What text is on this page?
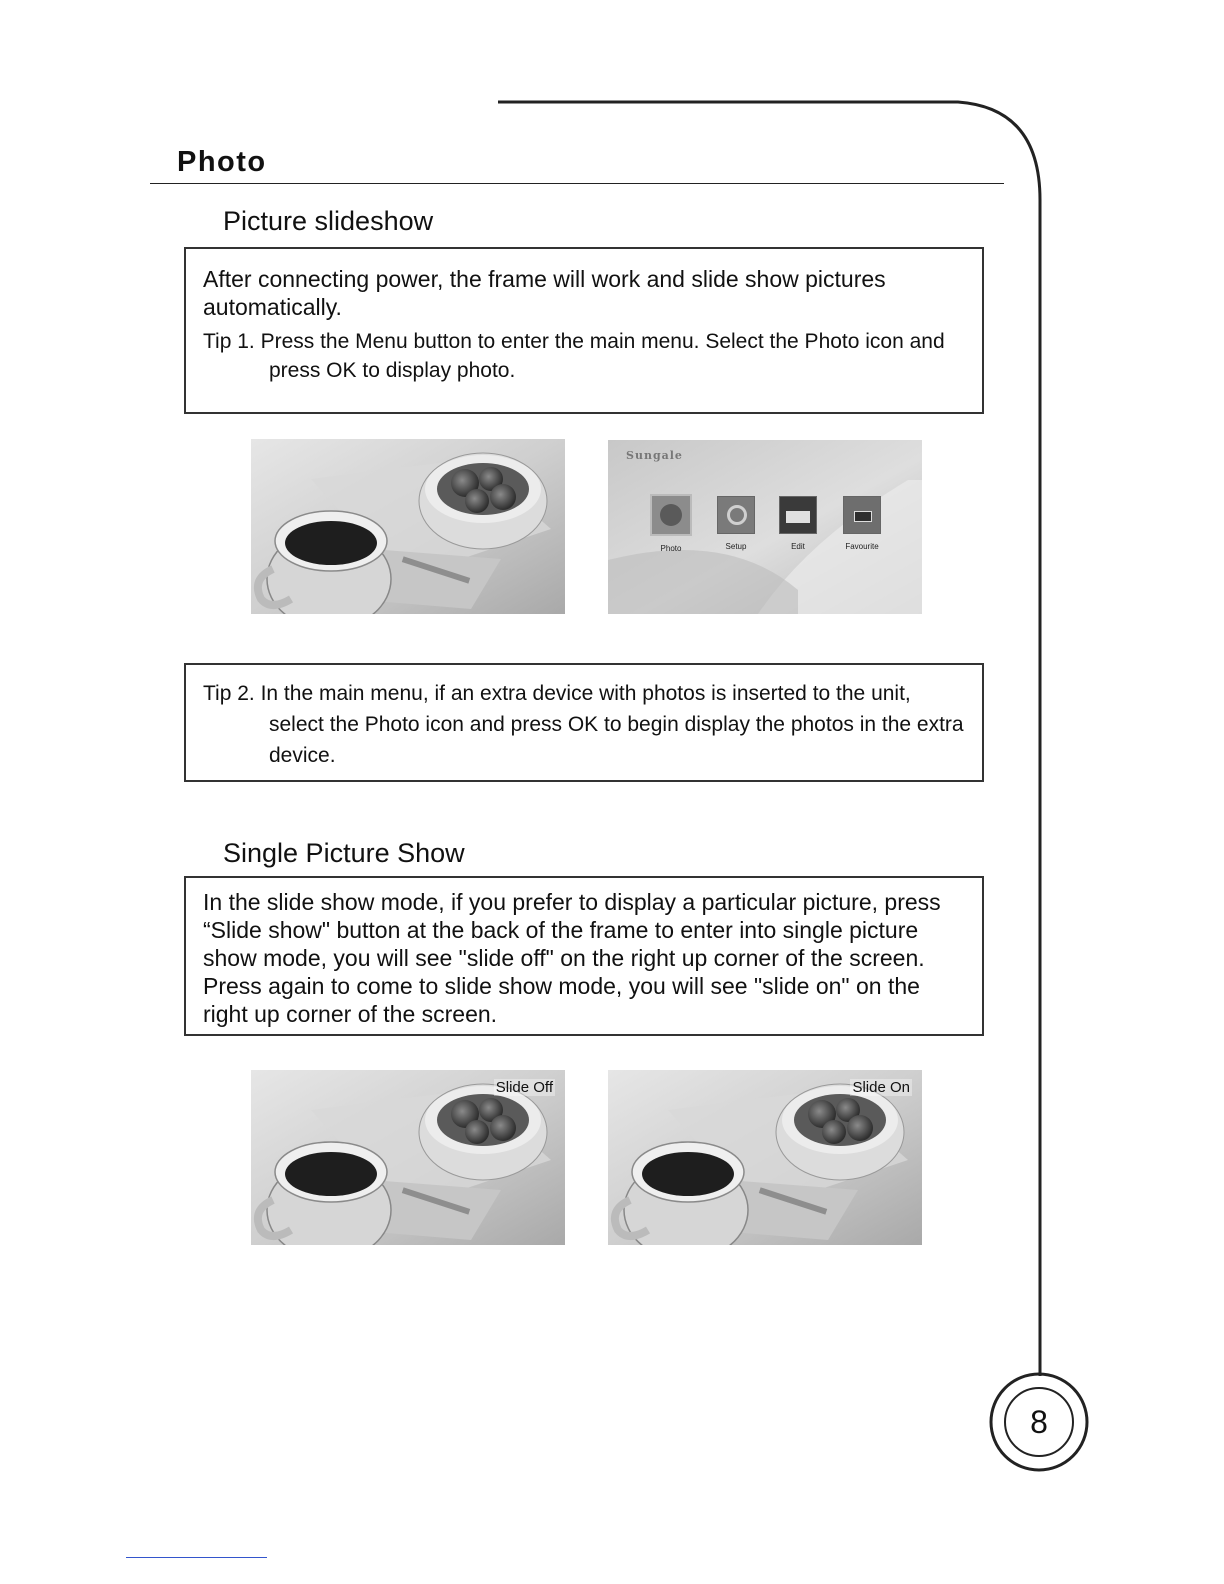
Photo
Picture slideshow

After connecting power, the frame will work and slide show pictures automatically.

Tip 1. Press the Menu button to enter the main menu. Select the Photo icon and press OK to display photo.

Sungale
Photo	Setup	Edit	Favourite

Tip 2. In the main menu, if an extra device with photos is inserted to the unit, select the Photo icon and press OK to begin display the photos in the extra device.

Single Picture Show

In the slide show mode, if you prefer to display a particular picture, press “Slide show" button at the back of the frame to enter into single picture show mode, you will see "slide off" on the right up corner of the screen. Press again to come to slide show mode, you will see "slide on" on the right up corner of the screen.

Slide Off	Slide On
8
